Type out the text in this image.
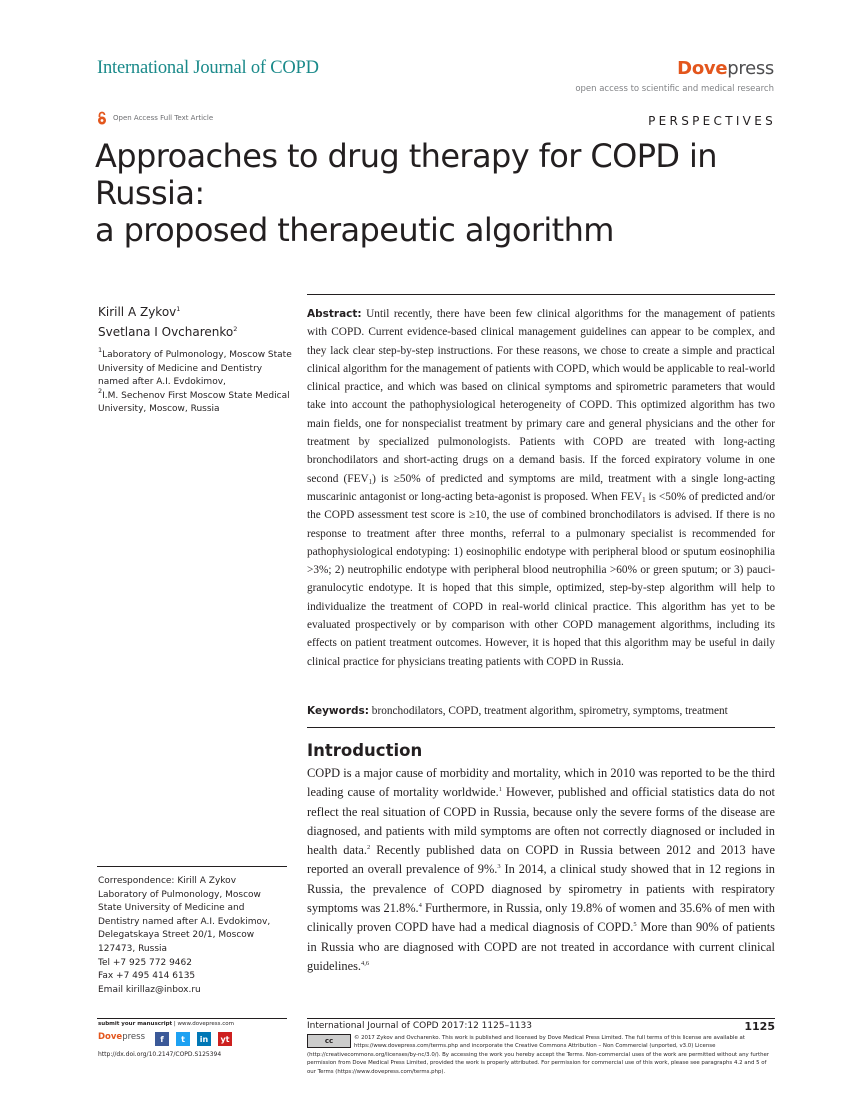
International Journal of COPD	Dovepress
open access to scientific and medical research
Open Access Full Text Article	PERSPECTIVES
Approaches to drug therapy for COPD in Russia:
a proposed therapeutic algorithm
Kirill A Zykov$^1$
Svetlana I Ovcharenko$^2$
$^1$Laboratory of Pulmonology, Moscow State University of Medicine and Dentistry named after A.I. Evdokimov,
$^2$I.M. Sechenov First Moscow State Medical University, Moscow, Russia
Abstract: Until recently, there have been few clinical algorithms for the management of patients with COPD. Current evidence-based clinical management guidelines can appear to be complex, and they lack clear step-by-step instructions. For these reasons, we chose to create a simple and practical clinical algorithm for the management of patients with COPD, which would be applicable to real-world clinical practice, and which was based on clinical symptoms and spirometric parameters that would take into account the pathophysiological heterogeneity of COPD. This optimized algorithm has two main fields, one for nonspecialist treatment by primary care and general physicians and the other for treatment by specialized pulmonologists. Patients with COPD are treated with long-acting bronchodilators and short-acting drugs on a demand basis. If the forced expiratory volume in one second $(FEV_1)$ is ≥50% of predicted and symptoms are mild, treatment with a single long-acting muscarinic antagonist or long-acting beta-agonist is proposed. When $FEV_1$ is <50% of predicted and/or the COPD assessment test score is ≥10, the use of combined bronchodilators is advised. If there is no response to treatment after three months, referral to a pulmonary specialist is recommended for pathophysiological endotyping: 1) eosinophilic endotype with peripheral blood or sputum eosinophilia >3%; 2) neutrophilic endotype with peripheral blood neutrophilia >60% or green sputum; or 3) pauci-granulocytic endotype. It is hoped that this simple, optimized, step-by-step algorithm will help to individualize the treatment of COPD in real-world clinical practice. This algorithm has yet to be evaluated prospectively or by comparison with other COPD management algorithms, including its effects on patient treatment outcomes. However, it is hoped that this algorithm may be useful in daily clinical practice for physicians treating patients with COPD in Russia.
Keywords: bronchodilators, COPD, treatment algorithm, spirometry, symptoms, treatment
Introduction
COPD is a major cause of morbidity and mortality, which in 2010 was reported to be the third leading cause of mortality worldwide.$^1$ However, published and official statistics data do not reflect the real situation of COPD in Russia, because only the severe forms of the disease are diagnosed, and patients with mild symptoms are often not correctly diagnosed or included in health data.$^2$ Recently published data on COPD in Russia between 2012 and 2013 have reported an overall prevalence of 9%.$^3$ In 2014, a clinical study showed that in 12 regions in Russia, the prevalence of COPD diagnosed by spirometry in patients with respiratory symptoms was 21.8%.$^4$ Furthermore, in Russia, only 19.8% of women and 35.6% of men with clinically proven COPD have had a medical diagnosis of COPD.$^5$ More than 90% of patients in Russia who are diagnosed with COPD are not treated in accordance with current clinical guidelines.$^{4,6}$
Correspondence: Kirill A Zykov
Laboratory of Pulmonology, Moscow
State University of Medicine and
Dentistry named after A.I. Evdokimov,
Delegatskaya Street 20/1, Moscow
127473, Russia
Tel +7 925 772 9462
Fax +7 495 414 6135
Email kirillaz@inbox.ru
submit your manuscript | www.dovepress.com
Dovepress	f	t	in	yt
http://dx.doi.org/10.2147/COPD.S125394
International Journal of COPD 2017:12 1125–1133	1125
cc	© 2017 Zykov and Ovcharenko. This work is published and licensed by Dove Medical Press Limited. The full terms of this license are available at https://www.dovepress.com/terms.php and incorporate the Creative Commons Attribution – Non Commercial (unported, v3.0) License (http://creativecommons.org/licenses/by-nc/3.0/). By accessing the work you hereby accept the Terms. Non-commercial uses of the work are permitted without any further permission from Dove Medical Press Limited, provided the work is properly attributed. For permission for commercial use of this work, please see paragraphs 4.2 and 5 of our Terms (https://www.dovepress.com/terms.php).
